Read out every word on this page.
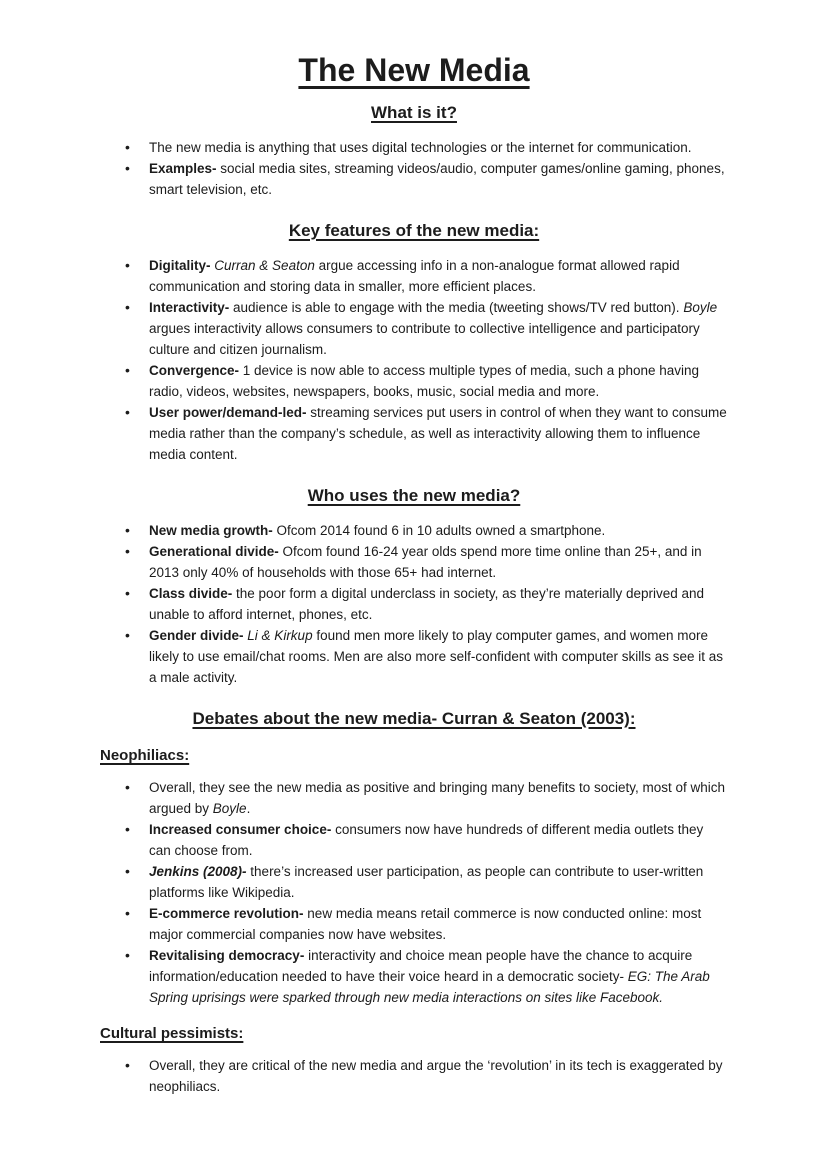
The New Media
What is it?
• The new media is anything that uses digital technologies or the internet for communication.
• Examples- social media sites, streaming videos/audio, computer games/online gaming, phones, smart television, etc.
Key features of the new media:
• Digitality- Curran & Seaton argue accessing info in a non-analogue format allowed rapid communication and storing data in smaller, more efficient places.
• Interactivity- audience is able to engage with the media (tweeting shows/TV red button). Boyle argues interactivity allows consumers to contribute to collective intelligence and participatory culture and citizen journalism.
• Convergence- 1 device is now able to access multiple types of media, such a phone having radio, videos, websites, newspapers, books, music, social media and more.
• User power/demand-led- streaming services put users in control of when they want to consume media rather than the company’s schedule, as well as interactivity allowing them to influence media content.
Who uses the new media?
• New media growth- Ofcom 2014 found 6 in 10 adults owned a smartphone.
• Generational divide- Ofcom found 16-24 year olds spend more time online than 25+, and in 2013 only 40% of households with those 65+ had internet.
• Class divide- the poor form a digital underclass in society, as they’re materially deprived and unable to afford internet, phones, etc.
• Gender divide- Li & Kirkup found men more likely to play computer games, and women more likely to use email/chat rooms. Men are also more self-confident with computer skills as see it as a male activity.
Debates about the new media- Curran & Seaton (2003):
Neophiliacs:
• Overall, they see the new media as positive and bringing many benefits to society, most of which argued by Boyle.
• Increased consumer choice- consumers now have hundreds of different media outlets they can choose from.
• Jenkins (2008)- there’s increased user participation, as people can contribute to user-written platforms like Wikipedia.
• E-commerce revolution- new media means retail commerce is now conducted online: most major commercial companies now have websites.
• Revitalising democracy- interactivity and choice mean people have the chance to acquire information/education needed to have their voice heard in a democratic society- EG: The Arab Spring uprisings were sparked through new media interactions on sites like Facebook.
Cultural pessimists:
• Overall, they are critical of the new media and argue the ‘revolution’ in its tech is exaggerated by neophiliacs.
